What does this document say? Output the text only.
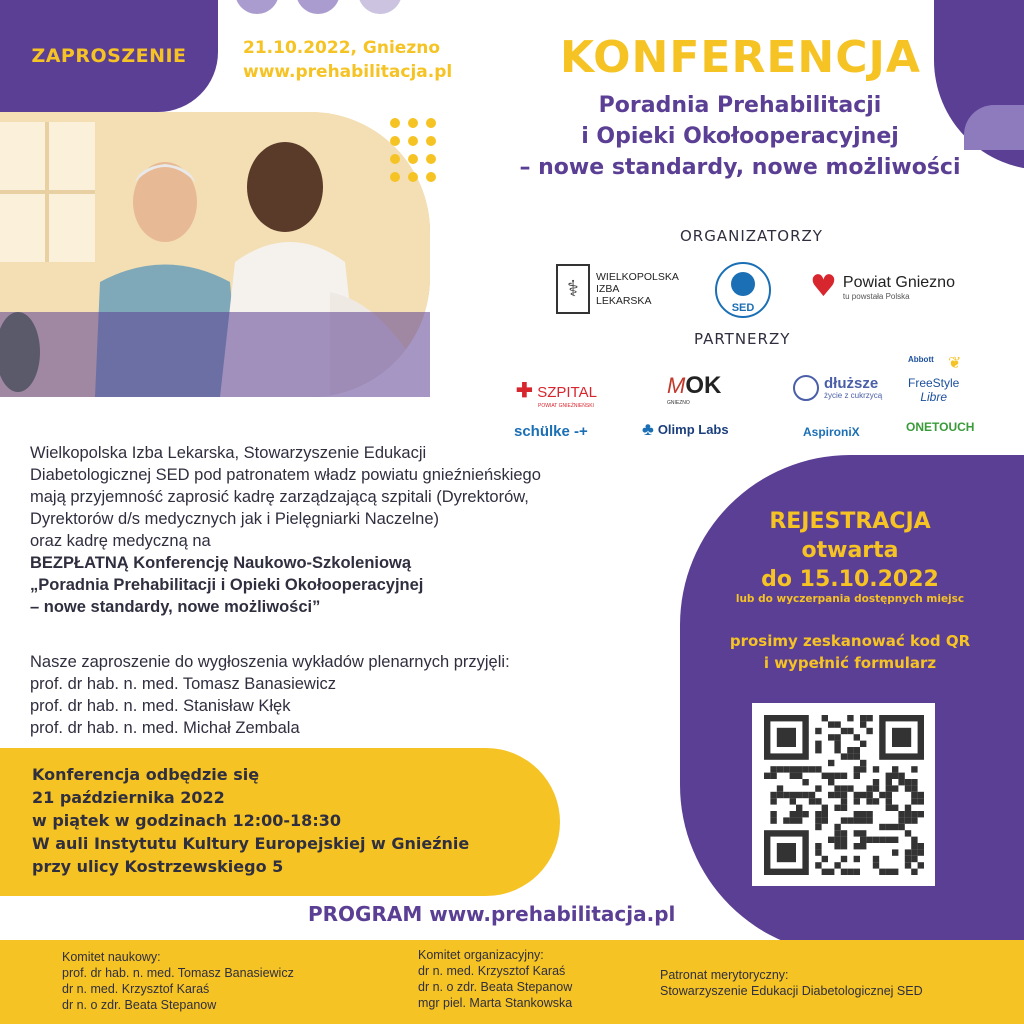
ZAPROSZENIE	21.10.2022, Gniezno
www.prehabilitacja.pl KONFERENCJA
Poradnia Prehabilitacji
i Opieki Okołooperacyjnej
– nowe standardy, nowe możliwości
ORGANIZATORZY
⚕	WIELKOPOLSKA
IZBA
LEKARSKA
SED
♥ Powiat Gniezno
tu powstała Polska
PARTNERZY
✚ SZPITAL
POWIAT GNIEŹNIEŃSKI
MOK
GNIEZNO
dłuższe
życie z cukrzycą
Abbott ❦
FreeStyle
Libre
schülke -+	♣ Olimp Labs	AspironiX	ONETOUCH
Wielkopolska Izba Lekarska, Stowarzyszenie Edukacji
Diabetologicznej SED pod patronatem władz powiatu gnieźnieńskiego
mają przyjemność zaprosić kadrę zarządzającą szpitali (Dyrektorów,
Dyrektorów d/s medycznych jak i Pielęgniarki Naczelne)
oraz kadrę medyczną na
BEZPŁATNĄ Konferencję Naukowo-Szkoleniową
„Poradnia Prehabilitacji i Opieki Okołooperacyjnej
– nowe standardy, nowe możliwości”
Nasze zaproszenie do wygłoszenia wykładów plenarnych przyjęli:
prof. dr hab. n. med. Tomasz Banasiewicz
prof. dr hab. n. med. Stanisław Kłęk
prof. dr hab. n. med. Michał Zembala
REJESTRACJA
otwarta
do 15.10.2022
lub do wyczerpania dostępnych miejsc
prosimy zeskanować kod QR
i wypełnić formularz
Konferencja odbędzie się
21 października 2022
w piątek w godzinach 12:00-18:30
W auli Instytutu Kultury Europejskiej w Gnieźnie
przy ulicy Kostrzewskiego 5
PROGRAM www.prehabilitacja.pl
Komitet naukowy:
prof. dr hab. n. med. Tomasz Banasiewicz
dr n. med. Krzysztof Karaś
dr n. o zdr. Beata Stepanow
Komitet organizacyjny:
dr n. med. Krzysztof Karaś
dr n. o zdr. Beata Stepanow
mgr piel. Marta Stankowska
Patronat merytoryczny:
Stowarzyszenie Edukacji Diabetologicznej SED
